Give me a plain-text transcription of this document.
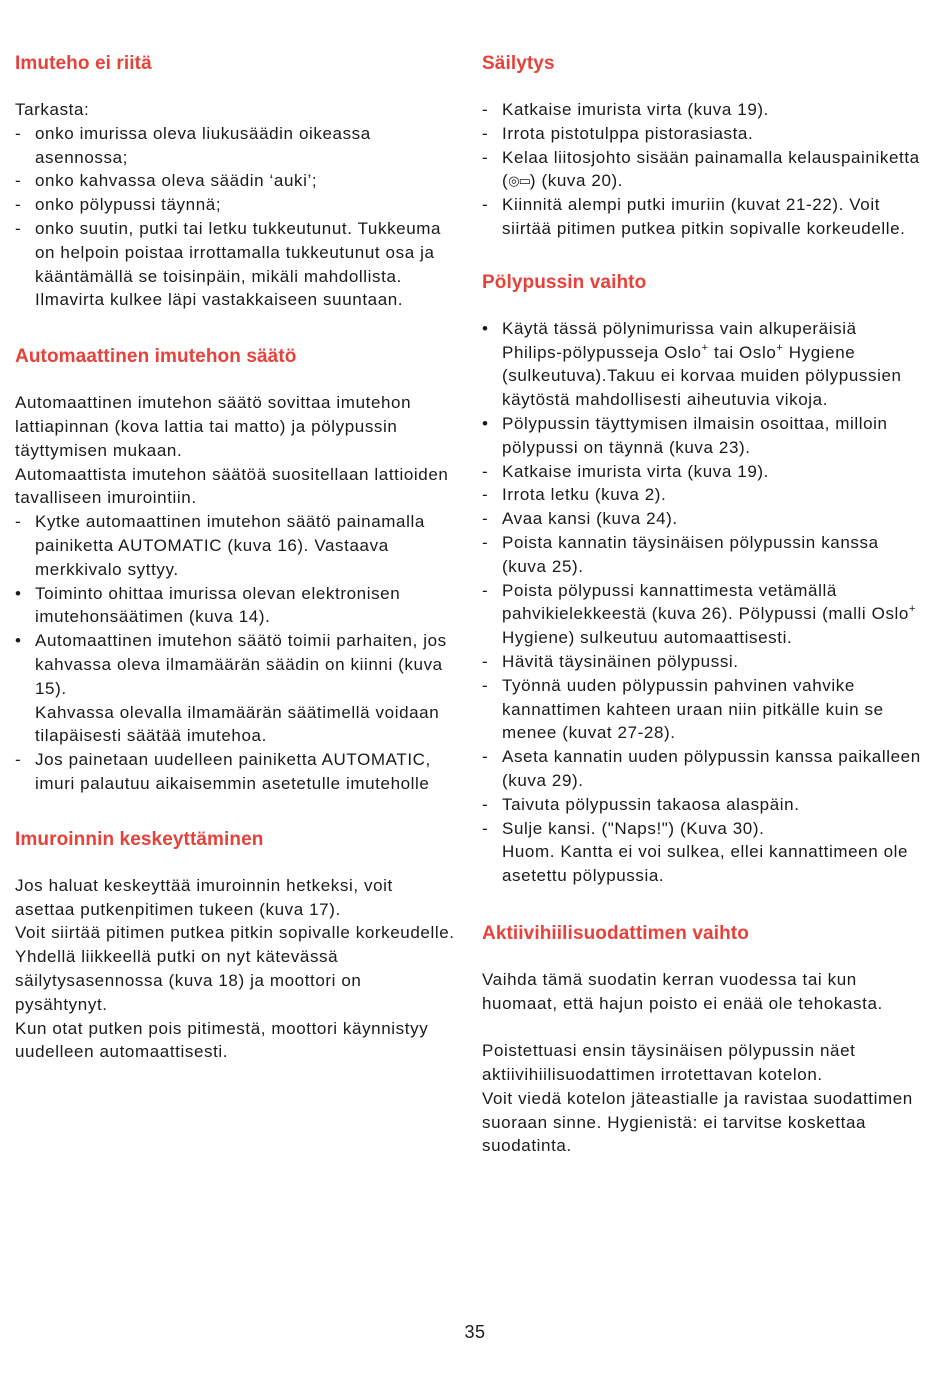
Imuteho ei riitä

Tarkasta:

- onko imurissa oleva liukusäädin oikeassa asennossa;
- onko kahvassa oleva säädin ‘auki’;
- onko pölypussi täynnä;
- onko suutin, putki tai letku tukkeutunut. Tukkeuma on helpoin poistaa irrottamalla tukkeutunut osa ja kääntämällä se toisinpäin, mikäli mahdollista. Ilmavirta kulkee läpi vastakkaiseen suuntaan.
Automaattinen imutehon säätö

Automaattinen imutehon säätö sovittaa imutehon lattiapinnan (kova lattia tai matto) ja pölypussin täyttymisen mukaan.

Automaattista imutehon säätöä suositellaan lattioiden tavalliseen imurointiin.

- Kytke automaattinen imutehon säätö painamalla painiketta AUTOMATIC (kuva 16). Vastaava merkkivalo syttyy.
• Toiminto ohittaa imurissa olevan elektronisen imutehonsäätimen (kuva 14).
• Automaattinen imutehon säätö toimii parhaiten, jos kahvassa oleva ilmamäärän säädin on kiinni (kuva 15).
Kahvassa olevalla ilmamäärän säätimellä voidaan tilapäisesti säätää imutehoa.
- Jos painetaan uudelleen painiketta AUTOMATIC, imuri palautuu aikaisemmin asetetulle imuteholle
Imuroinnin keskeyttäminen

Jos haluat keskeyttää imuroinnin hetkeksi, voit asettaa putkenpitimen tukeen (kuva 17).

Voit siirtää pitimen putkea pitkin sopivalle korkeudelle.

Yhdellä liikkeellä putki on nyt kätevässä säilytysasennossa (kuva 18) ja moottori on pysähtynyt.

Kun otat putken pois pitimestä, moottori käynnistyy uudelleen automaattisesti.

Säilytys
- Katkaise imurista virta (kuva 19).
- Irrota pistotulppa pistorasiasta.
- Kelaa liitosjohto sisään painamalla kelauspainiketta (◎▭) (kuva 20).
- Kiinnitä alempi putki imuriin (kuvat 21-22). Voit siirtää pitimen putkea pitkin sopivalle korkeudelle.
Pölypussin vaihto
• Käytä tässä pölynimurissa vain alkuperäisiä Philips-pölypusseja Oslo+ tai Oslo+ Hygiene (sulkeutuva).Takuu ei korvaa muiden pölypussien käytöstä mahdollisesti aiheutuvia vikoja.
• Pölypussin täyttymisen ilmaisin osoittaa, milloin pölypussi on täynnä (kuva 23).
- Katkaise imurista virta (kuva 19).
- Irrota letku (kuva 2).
- Avaa kansi (kuva 24).
- Poista kannatin täysinäisen pölypussin kanssa (kuva 25).
- Poista pölypussi kannattimesta vetämällä pahvikielekkeestä (kuva 26). Pölypussi (malli Oslo+ Hygiene) sulkeutuu automaattisesti.
- Hävitä täysinäinen pölypussi.
- Työnnä uuden pölypussin pahvinen vahvike kannattimen kahteen uraan niin pitkälle kuin se menee (kuvat 27-28).
- Aseta kannatin uuden pölypussin kanssa paikalleen (kuva 29).
- Taivuta pölypussin takaosa alaspäin.
- Sulje kansi. ("Naps!") (Kuva 30).
Huom. Kantta ei voi sulkea, ellei kannattimeen ole asetettu pölypussia.
Aktiivihiilisuodattimen vaihto

Vaihda tämä suodatin kerran vuodessa tai kun huomaat, että hajun poisto ei enää ole tehokasta.

Poistettuasi ensin täysinäisen pölypussin näet aktiivihiilisuodattimen irrotettavan kotelon.

Voit viedä kotelon jäteastialle ja ravistaa suodattimen suoraan sinne. Hygienistä: ei tarvitse koskettaa suodatinta.

35
